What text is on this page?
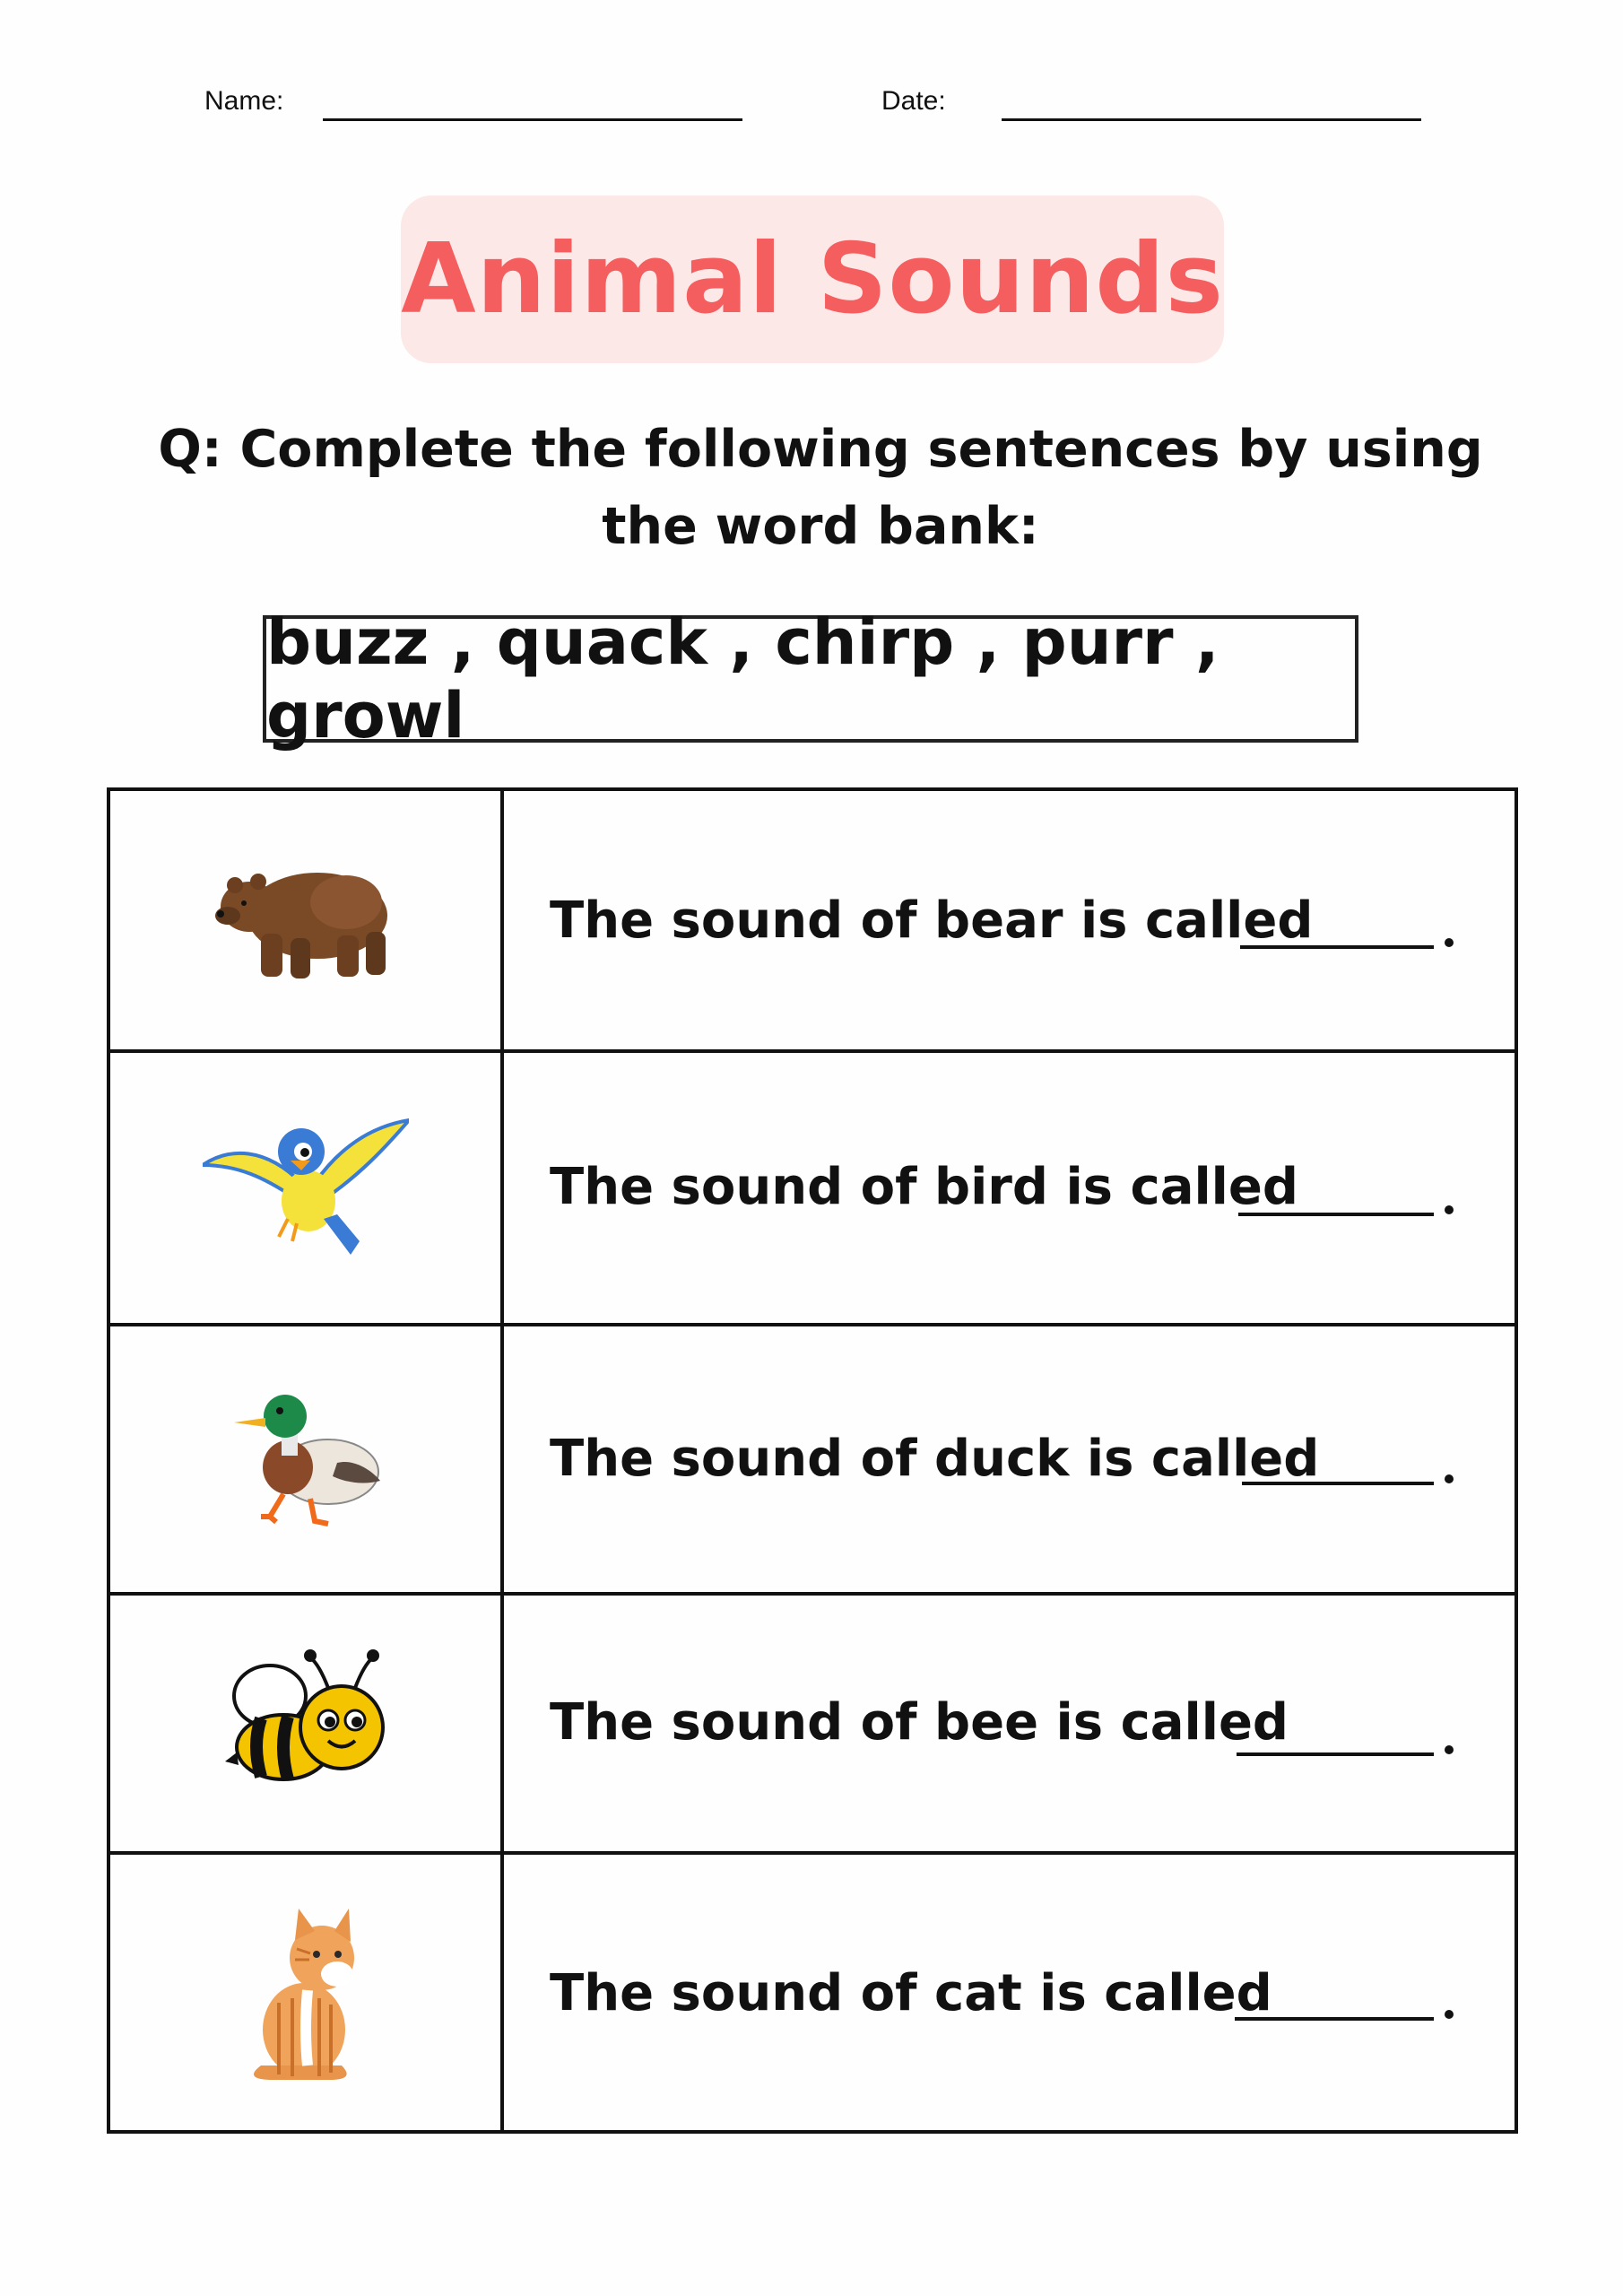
Name:	Date:
Animal Sounds
Q: Complete the following sentences by using the word bank:
buzz , quack , chirp , purr , growl
The sound of bear is called
The sound of bird is called
The sound of duck is called
The sound of bee is called
The sound of cat is called
